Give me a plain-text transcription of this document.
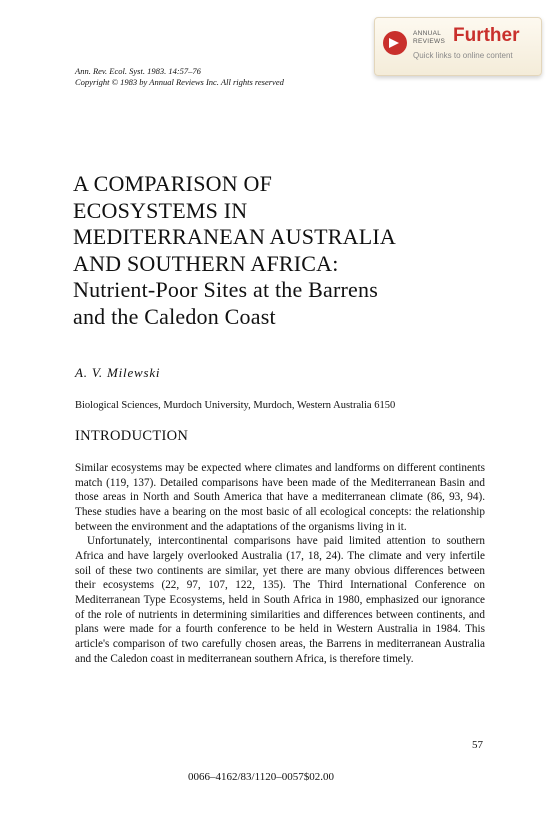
Ann. Rev. Ecol. Syst. 1983. 14:57–76
Copyright © 1983 by Annual Reviews Inc. All rights reserved
ANNUAL
REVIEWS Further
Quick links to online content
A COMPARISON OF
ECOSYSTEMS IN
MEDITERRANEAN AUSTRALIA
AND SOUTHERN AFRICA:
Nutrient-Poor Sites at the Barrens
and the Caledon Coast
A. V. Milewski
Biological Sciences, Murdoch University, Murdoch, Western Australia 6150
INTRODUCTION

Similar ecosystems may be expected where climates and landforms on different continents match (119, 137). Detailed comparisons have been made of the Mediterranean Basin and those areas in North and South America that have a mediterranean climate (86, 93, 94). These studies have a bearing on the most basic of all ecological concepts: the relationship between the environment and the adaptations of the organisms living in it.

Unfortunately, intercontinental comparisons have paid limited attention to southern Africa and have largely overlooked Australia (17, 18, 24). The climate and very infertile soil of these two continents are similar, yet there are many obvious differences between their ecosystems (22, 97, 107, 122, 135). The Third International Conference on Mediterranean Type Ecosystems, held in South Africa in 1980, emphasized our ignorance of the role of nutrients in determining similarities and differences between continents, and plans were made for a fourth conference to be held in Western Australia in 1984. This article's comparison of two carefully chosen areas, the Barrens in mediterranean Australia and the Caledon coast in mediterranean southern Africa, is therefore timely.

57
0066–4162/83/1120–0057$02.00
